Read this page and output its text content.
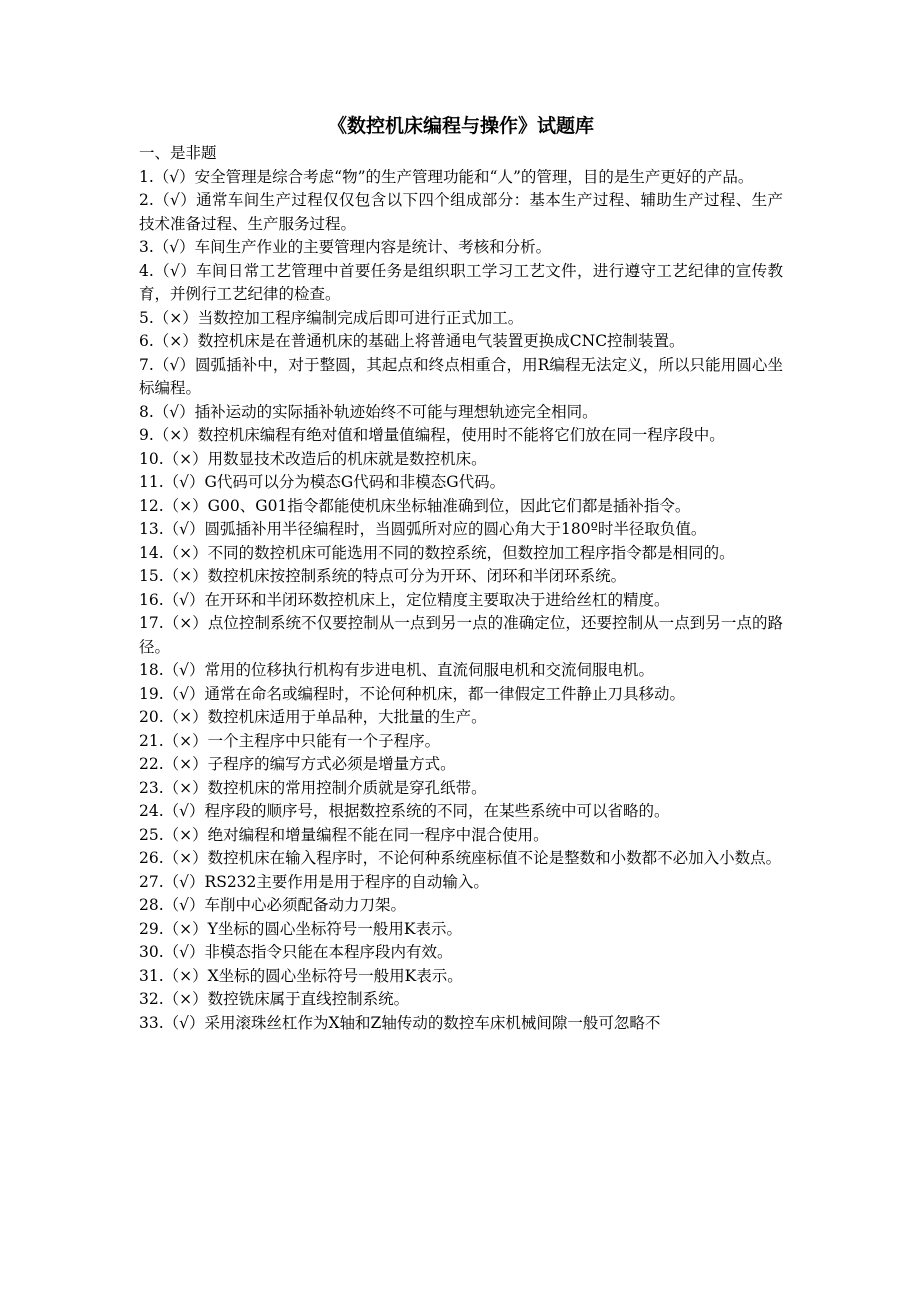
《数控机床编程与操作》试题库

一、是非题

1.（√）安全管理是综合考虑“物”的生产管理功能和“人”的管理，目的是生产更好的产品。
2.（√）通常车间生产过程仅仅包含以下四个组成部分：基本生产过程、辅助生产过程、生产技术准备过程、生产服务过程。
3.（√）车间生产作业的主要管理内容是统计、考核和分析。
4.（√）车间日常工艺管理中首要任务是组织职工学习工艺文件，进行遵守工艺纪律的宣传教育，并例行工艺纪律的检查。
5.（×）当数控加工程序编制完成后即可进行正式加工。
6.（×）数控机床是在普通机床的基础上将普通电气装置更换成CNC控制装置。
7.（√）圆弧插补中，对于整圆，其起点和终点相重合，用R编程无法定义，所以只能用圆心坐标编程。
8.（√）插补运动的实际插补轨迹始终不可能与理想轨迹完全相同。
9.（×）数控机床编程有绝对值和增量值编程，使用时不能将它们放在同一程序段中。
10.（×）用数显技术改造后的机床就是数控机床。
11.（√）G代码可以分为模态G代码和非模态G代码。
12.（×）G00、G01指令都能使机床坐标轴准确到位，因此它们都是插补指令。
13.（√）圆弧插补用半径编程时，当圆弧所对应的圆心角大于180º时半径取负值。
14.（×）不同的数控机床可能选用不同的数控系统，但数控加工程序指令都是相同的。
15.（×）数控机床按控制系统的特点可分为开环、闭环和半闭环系统。
16.（√）在开环和半闭环数控机床上，定位精度主要取决于进给丝杠的精度。
17.（×）点位控制系统不仅要控制从一点到另一点的准确定位，还要控制从一点到另一点的路径。
18.（√）常用的位移执行机构有步进电机、直流伺服电机和交流伺服电机。
19.（√）通常在命名或编程时，不论何种机床，都一律假定工件静止刀具移动。
20.（×）数控机床适用于单品种，大批量的生产。
21.（×）一个主程序中只能有一个子程序。
22.（×）子程序的编写方式必须是增量方式。
23.（×）数控机床的常用控制介质就是穿孔纸带。
24.（√）程序段的顺序号，根据数控系统的不同，在某些系统中可以省略的。
25.（×）绝对编程和增量编程不能在同一程序中混合使用。
26.（×）数控机床在输入程序时，不论何种系统座标值不论是整数和小数都不必加入小数点。
27.（√）RS232主要作用是用于程序的自动输入。
28.（√）车削中心必须配备动力刀架。
29.（×）Y坐标的圆心坐标符号一般用K表示。
30.（√）非模态指令只能在本程序段内有效。
31.（×）X坐标的圆心坐标符号一般用K表示。
32.（×）数控铣床属于直线控制系统。
33.（√）采用滚珠丝杠作为X轴和Z轴传动的数控车床机械间隙一般可忽略不
